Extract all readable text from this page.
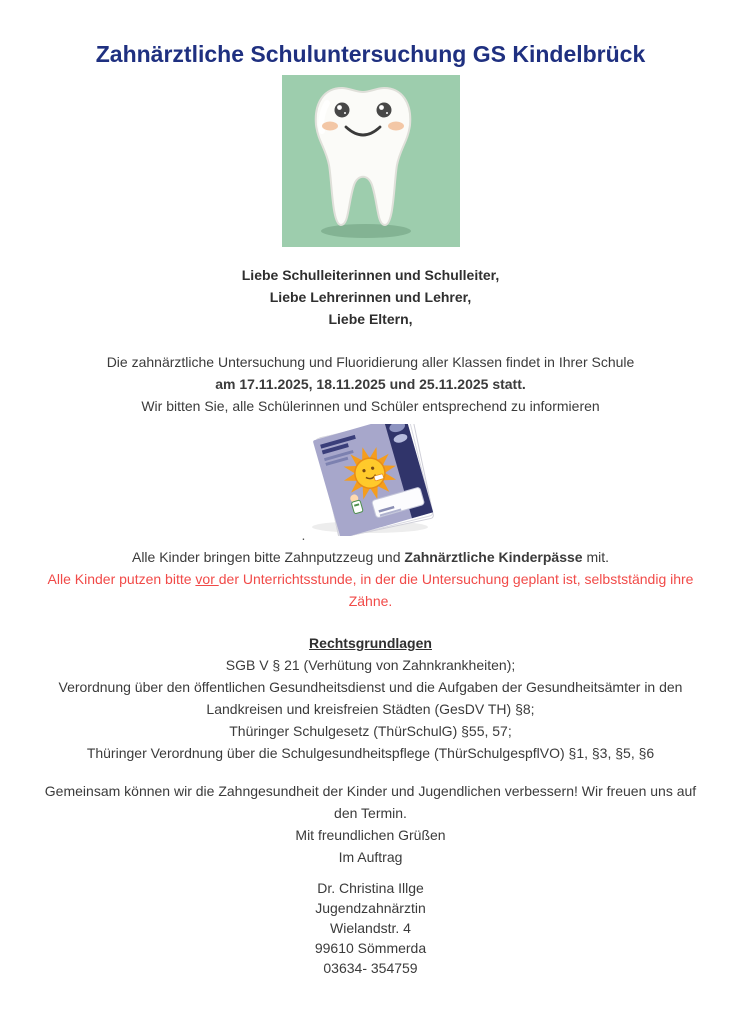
Zahnärztliche Schuluntersuchung GS Kindelbrück
Liebe Schulleiterinnen und Schulleiter,
Liebe Lehrerinnen und Lehrer,
Liebe Eltern,
Die zahnärztliche Untersuchung und Fluoridierung aller Klassen findet in Ihrer Schule
am 17.11.2025, 18.11.2025 und 25.11.2025 statt.
Wir bitten Sie, alle Schülerinnen und Schüler entsprechend zu informieren
.
Alle Kinder bringen bitte Zahnputzzeug und Zahnärztliche Kinderpässe mit.
Alle Kinder putzen bitte vor der Unterrichtsstunde, in der die Untersuchung geplant ist, selbstständig ihre
Zähne.
Rechtsgrundlagen
SGB V § 21 (Verhütung von Zahnkrankheiten);
Verordnung über den öffentlichen Gesundheitsdienst und die Aufgaben der Gesundheitsämter in den
Landkreisen und kreisfreien Städten (GesDV TH) §8;
Thüringer Schulgesetz (ThürSchulG) §55, 57;
Thüringer Verordnung über die Schulgesundheitspflege (ThürSchulgespflVO) §1, §3, §5, §6
Gemeinsam können wir die Zahngesundheit der Kinder und Jugendlichen verbessern! Wir freuen uns auf
den Termin.
Mit freundlichen Grüßen
Im Auftrag
Dr. Christina Illge
Jugendzahnärztin
Wielandstr. 4
99610 Sömmerda
03634- 354759
